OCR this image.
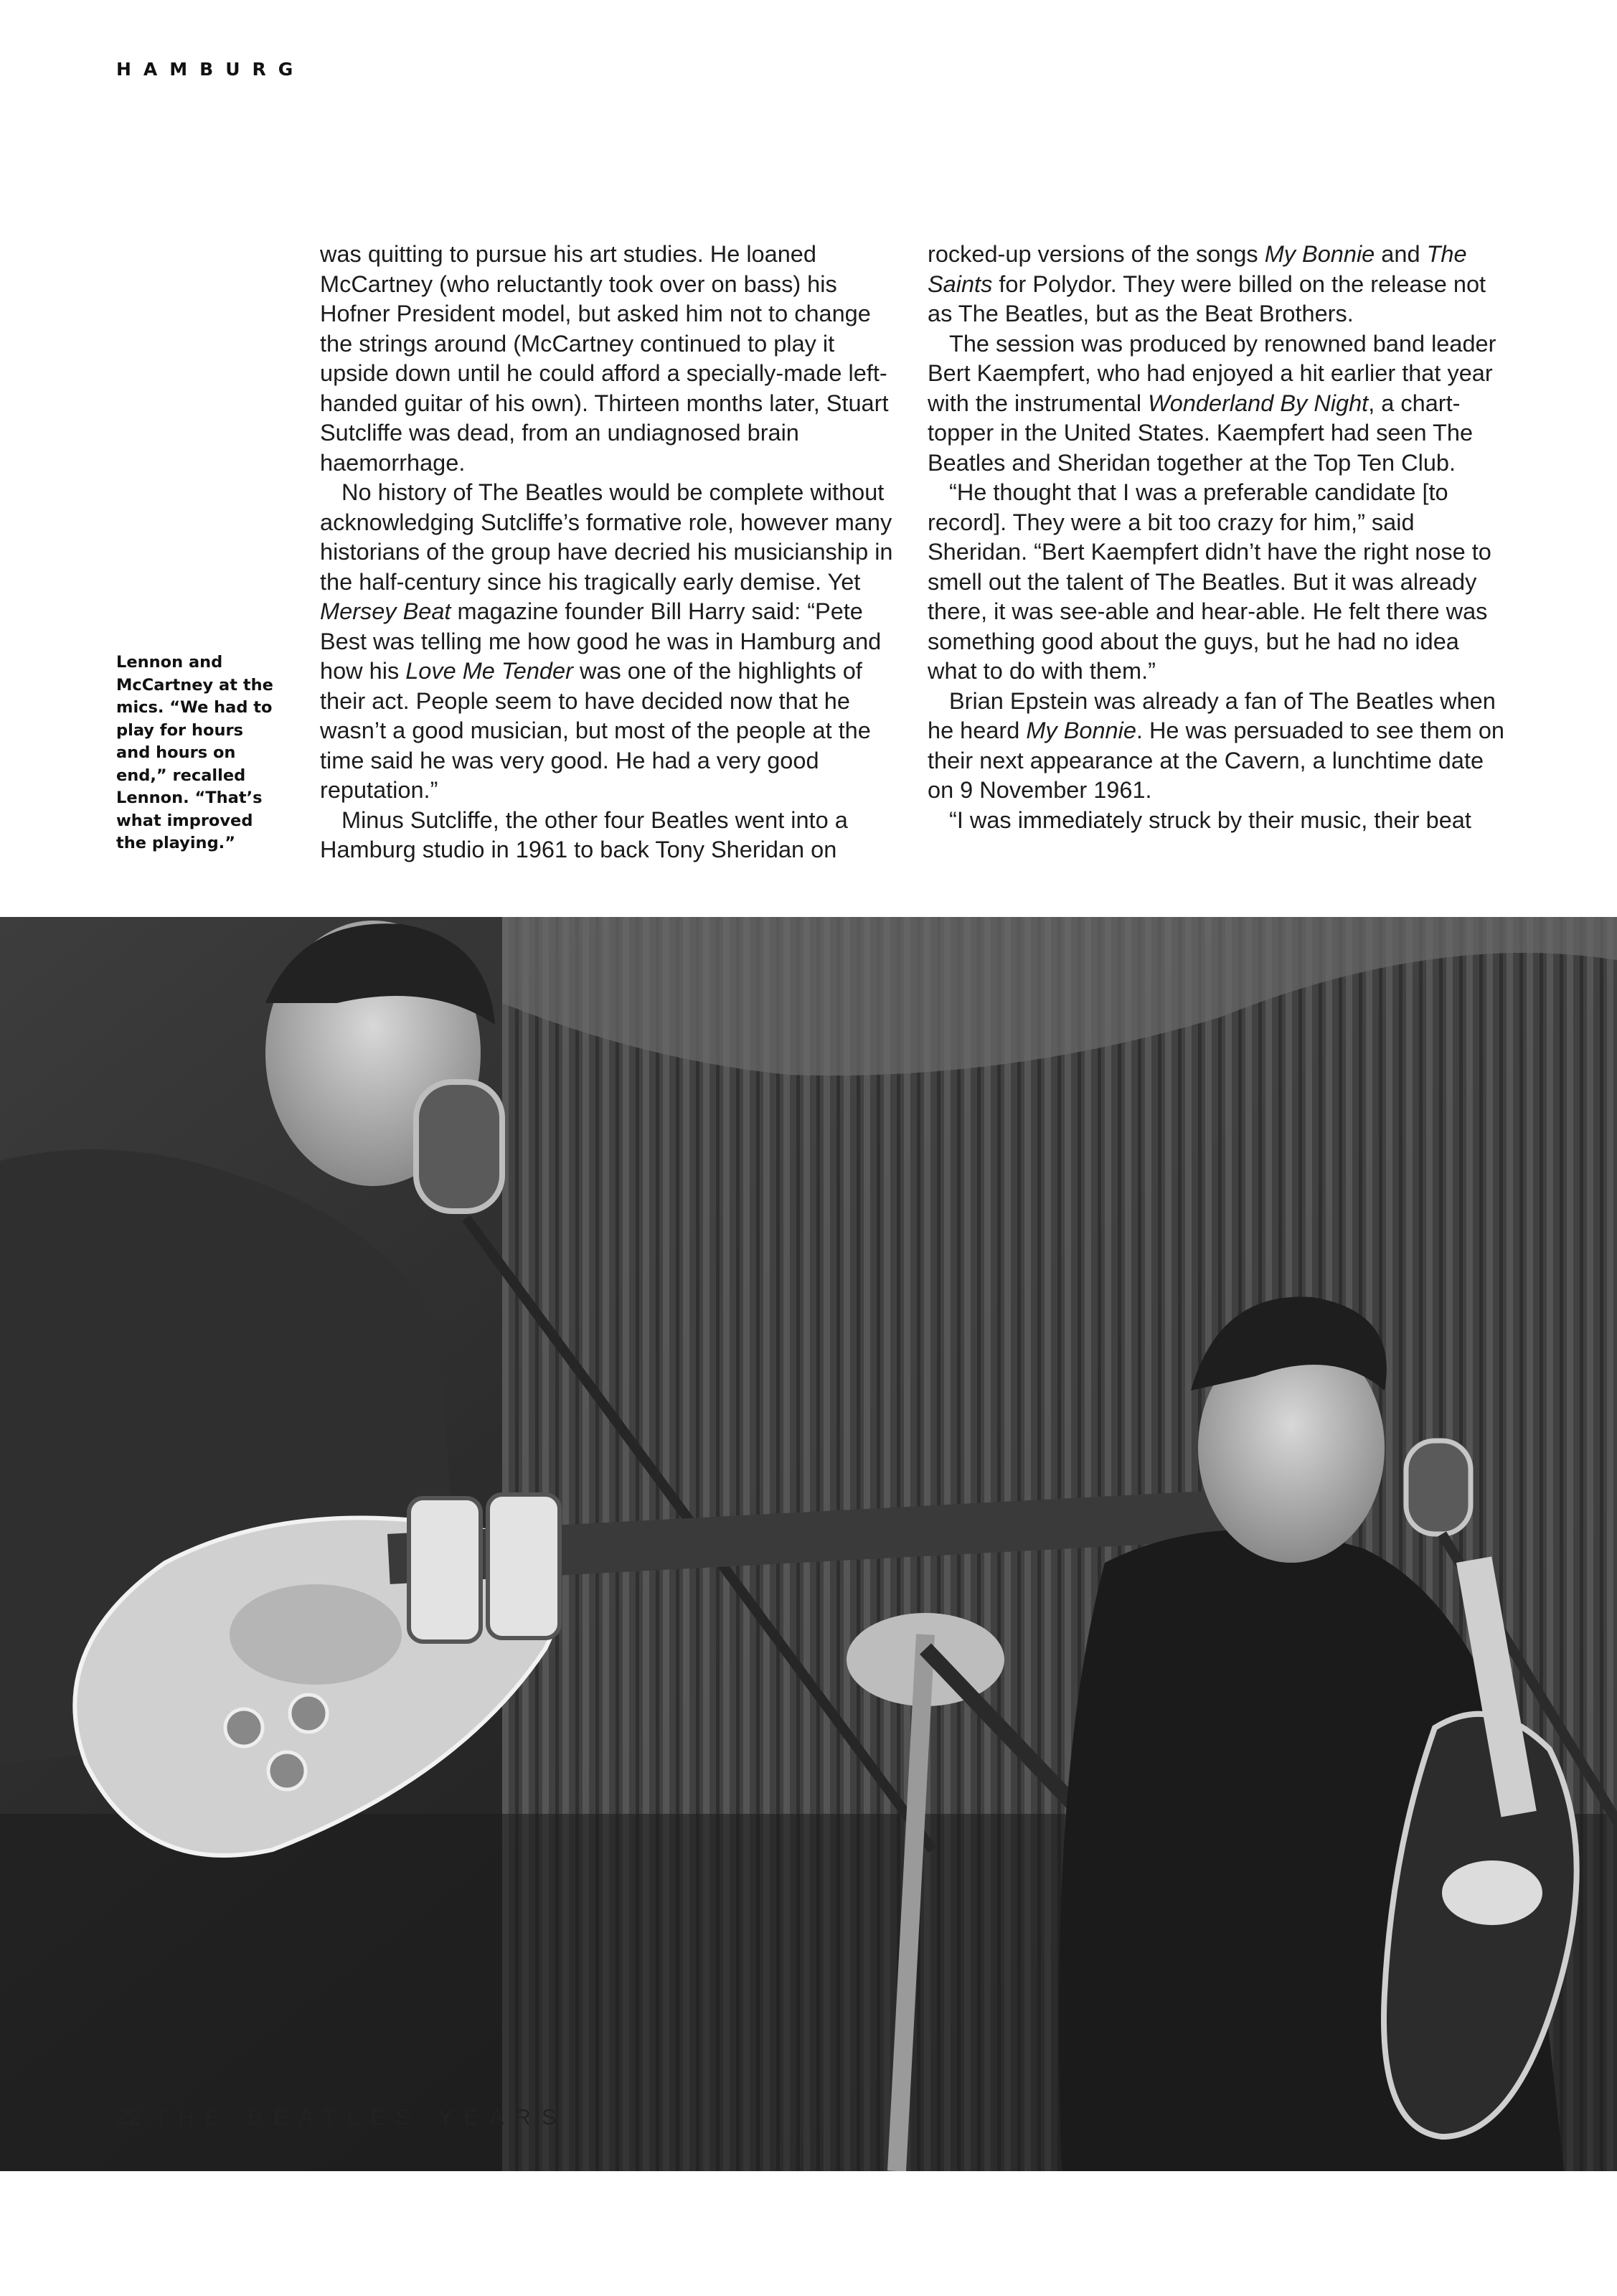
HAMBURG
Lennon and McCartney at the mics. “We had to play for hours and hours on end,” recalled Lennon. “That’s what improved the playing.”

was quitting to pursue his art studies. He loaned McCartney (who reluctantly took over on bass) his Hofner President model, but asked him not to change the strings around (McCartney continued to play it upside down until he could afford a specially-made left-handed guitar of his own). Thirteen months later, Stuart Sutcliffe was dead, from an undiagnosed brain haemorrhage.

No history of The Beatles would be complete without acknowledging Sutcliffe’s formative role, however many historians of the group have decried his musicianship in the half-century since his tragically early demise. Yet Mersey Beat magazine founder Bill Harry said: “Pete Best was telling me how good he was in Hamburg and how his Love Me Tender was one of the highlights of their act. People seem to have decided now that he wasn’t a good musician, but most of the people at the time said he was very good. He had a very good reputation.”

Minus Sutcliffe, the other four Beatles went into a Hamburg studio in 1961 to back Tony Sheridan on

rocked-up versions of the songs My Bonnie and The Saints for Polydor. They were billed on the release not as The Beatles, but as the Beat Brothers.

The session was produced by renowned band leader Bert Kaempfert, who had enjoyed a hit earlier that year with the instrumental Wonderland By Night, a chart-topper in the United States. Kaempfert had seen The Beatles and Sheridan together at the Top Ten Club.

“He thought that I was a preferable candidate [to record]. They were a bit too crazy for him,” said Sheridan. “Bert Kaempfert didn’t have the right nose to smell out the talent of The Beatles. But it was already there, it was see-able and hear-able. He felt there was something good about the guys, but he had no idea what to do with them.”

Brian Epstein was already a fan of The Beatles when he heard My Bonnie. He was persuaded to see them on their next appearance at the Cavern, a lunchtime date on 9 November 1961.

“I was immediately struck by their music, their beat

22 THE BEATLES YEARS
